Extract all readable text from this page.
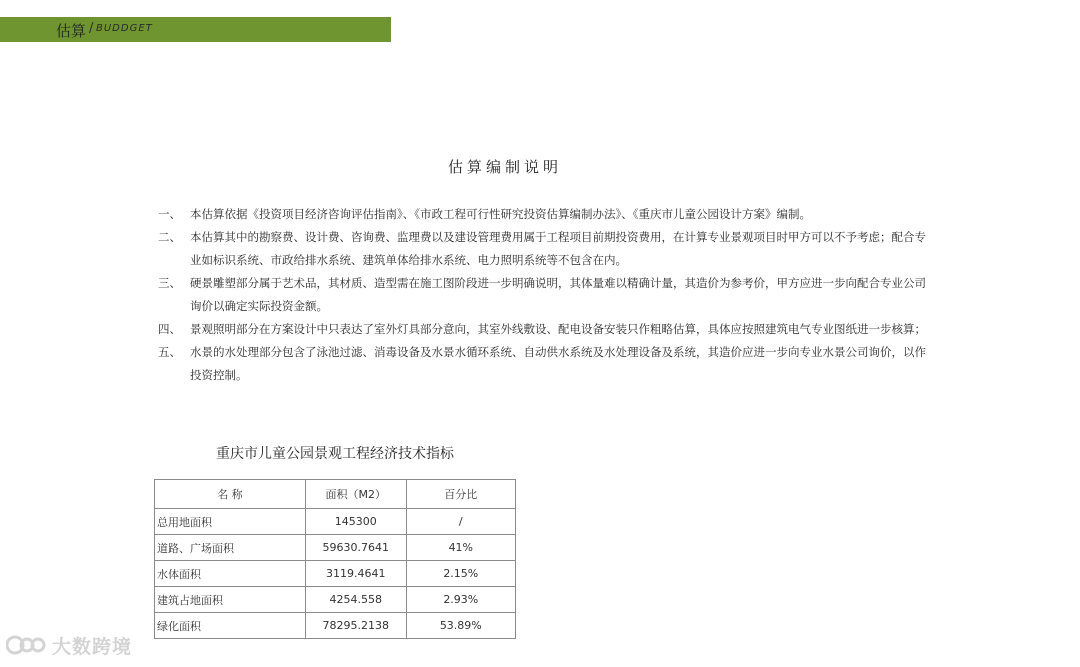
估算 / BUDDGET
估算编制说明
一、 本估算依据《投资项目经济咨询评估指南》、《市政工程可行性研究投资估算编制办法》、《重庆市儿童公园设计方案》编制。
二、 本估算其中的勘察费、设计费、咨询费、监理费以及建设管理费用属于工程项目前期投资费用，在计算专业景观项目时甲方可以不予考虑；配合专业如标识系统、市政给排水系统、建筑单体给排水系统、电力照明系统等不包含在内。
三、 硬景雕塑部分属于艺术品，其材质、造型需在施工图阶段进一步明确说明，其体量难以精确计量，其造价为参考价，甲方应进一步向配合专业公司询价以确定实际投资金额。
四、 景观照明部分在方案设计中只表达了室外灯具部分意向，其室外线敷设、配电设备安装只作粗略估算，具体应按照建筑电气专业图纸进一步核算；
五、 水景的水处理部分包含了泳池过滤、消毒设备及水景水循环系统、自动供水系统及水处理设备及系统，其造价应进一步向专业水景公司询价，以作投资控制。
重庆市儿童公园景观工程经济技术指标
名 称	面积（M2）	百分比
总用地面积	145300	/
道路、广场面积	59630.7641	41%
水体面积	3119.4641	2.15%
建筑占地面积	4254.558	2.93%
绿化面积	78295.2138	53.89%
大数跨境
